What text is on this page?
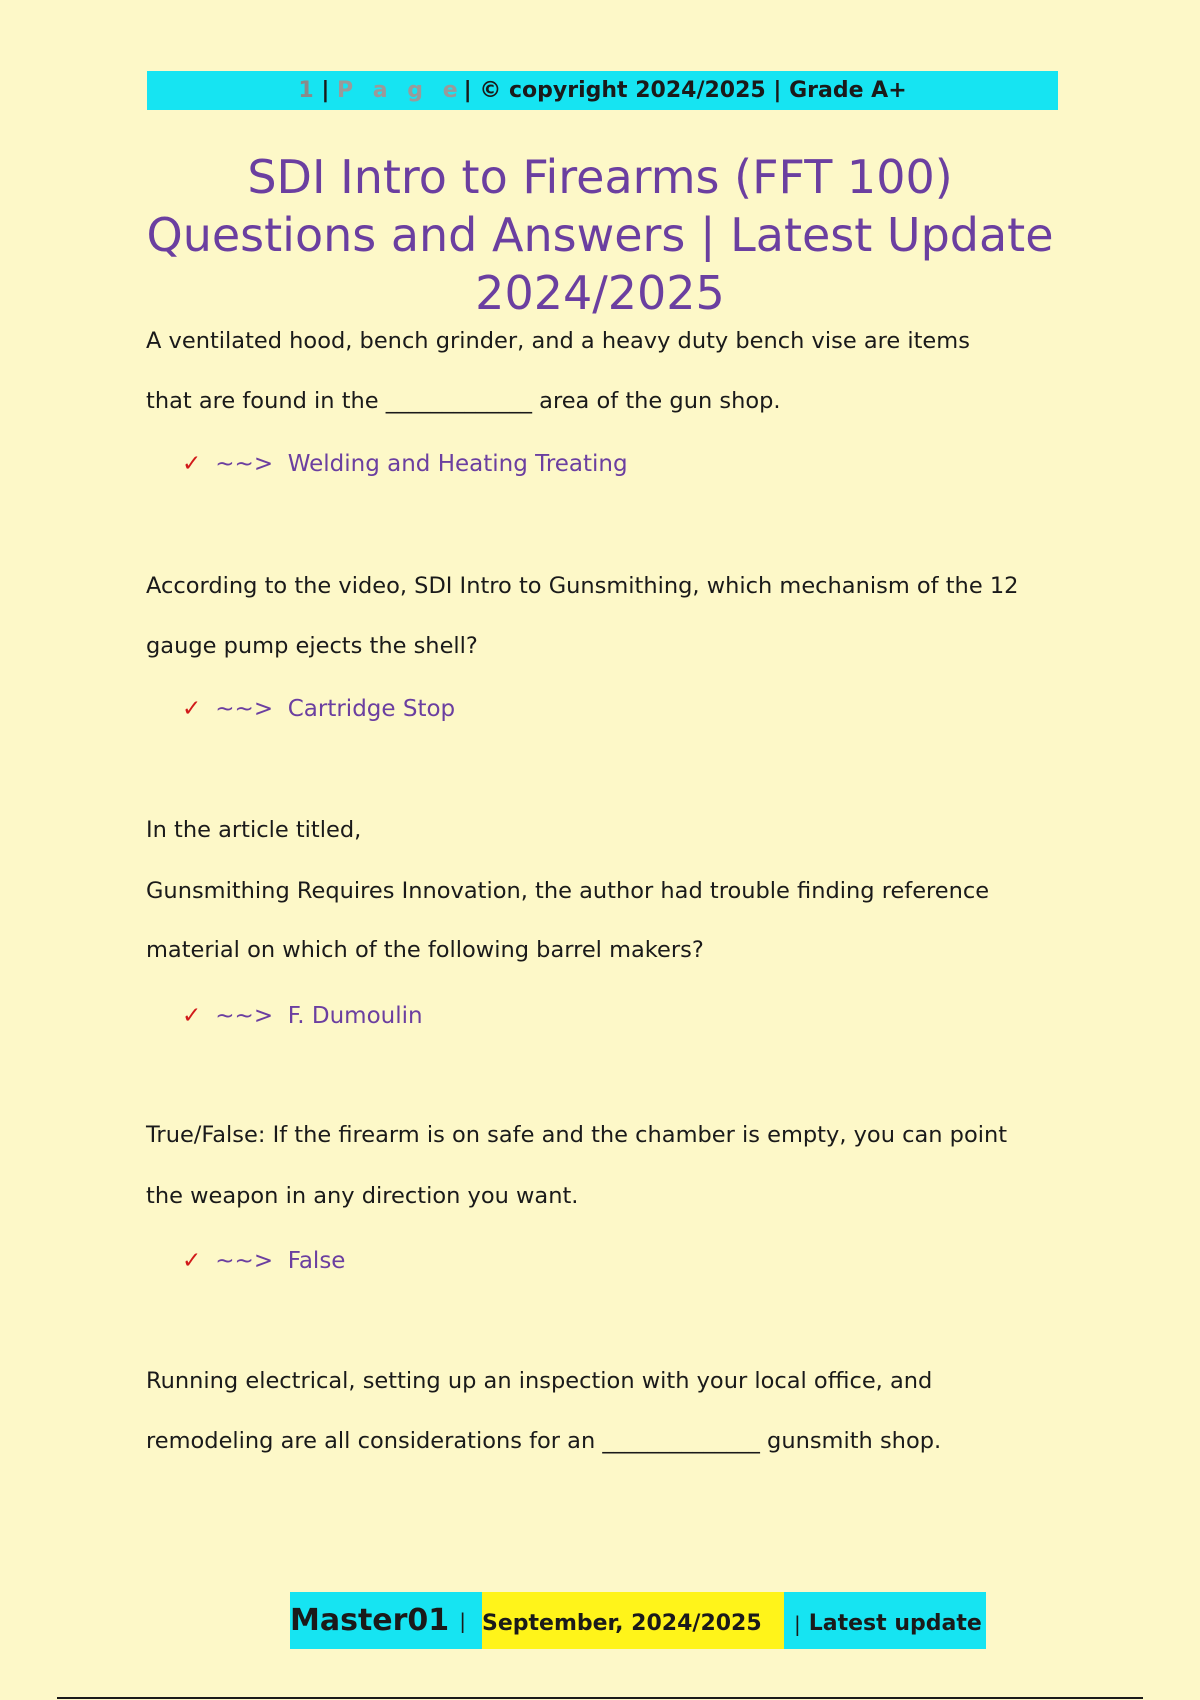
1 | P a g e | © copyright 2024/2025 | Grade A+
SDI Intro to Firearms (FFT 100) Questions and Answers | Latest Update 2024/2025

A ventilated hood, bench grinder, and a heavy duty bench vise are items

that are found in the _____________ area of the gun shop.

✓ ~~>  Welding and Heating Treating

According to the video, SDI Intro to Gunsmithing, which mechanism of the 12

gauge pump ejects the shell?

✓ ~~>  Cartridge Stop

In the article titled,

Gunsmithing Requires Innovation, the author had trouble finding reference

material on which of the following barrel makers?

✓ ~~>  F. Dumoulin

True/False: If the firearm is on safe and the chamber is empty, you can point

the weapon in any direction you want.

✓ ~~>  False

Running electrical, setting up an inspection with your local office, and

remodeling are all considerations for an ______________ gunsmith shop.

Master01 | September, 2024/2025 | Latest update
